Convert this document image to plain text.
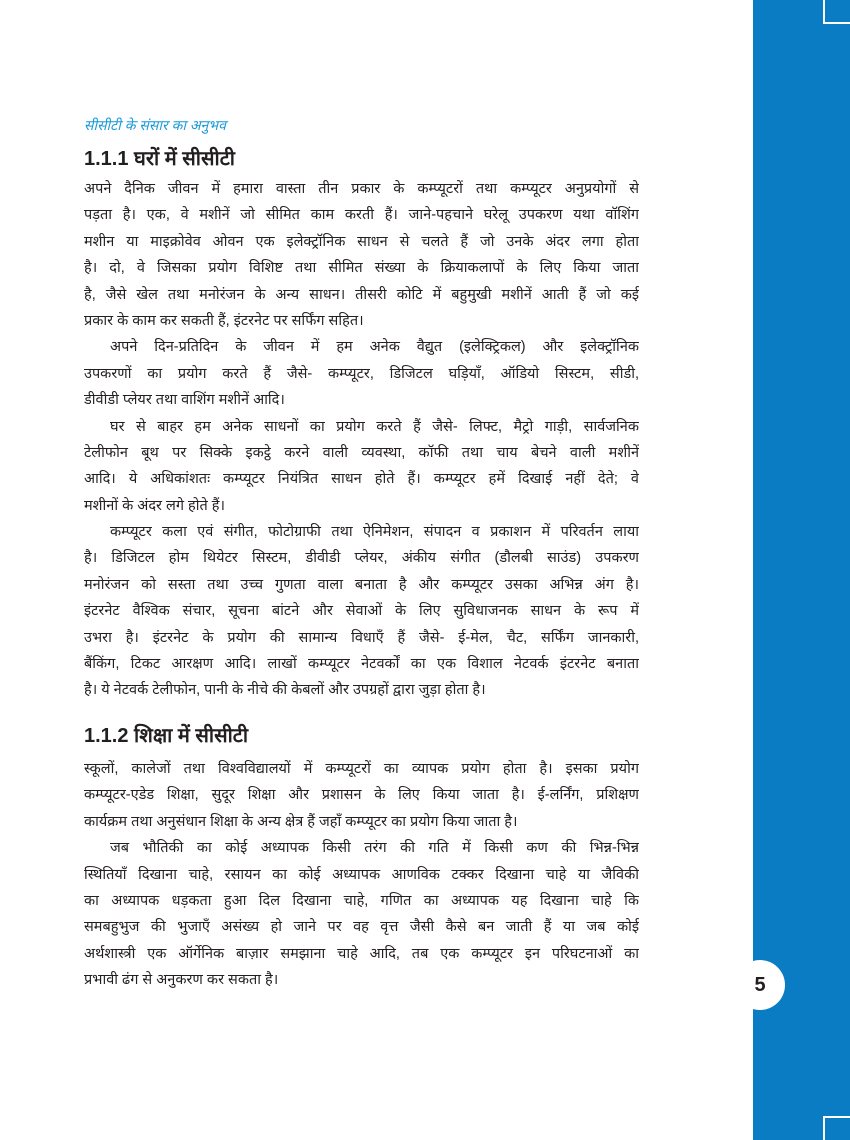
5
सीसीटी के संसार का अनुभव
1.1.1 घरों में सीसीटी
अपने दैनिक जीवन में हमारा वास्ता तीन प्रकार के कम्प्यूटरों तथा कम्प्यूटर अनुप्रयोगों से
पड़ता है। एक, वे मशीनें जो सीमित काम करती हैं। जाने-पहचाने घरेलू उपकरण यथा वॉशिंग
मशीन या माइक्रोवेव ओवन एक इलेक्ट्रॉनिक साधन से चलते हैं जो उनके अंदर लगा होता
है। दो, वे जिसका प्रयोग विशिष्ट तथा सीमित संख्या के क्रियाकलापों के लिए किया जाता
है, जैसे खेल तथा मनोरंजन के अन्य साधन। तीसरी कोटि में बहुमुखी मशीनें आती हैं जो कई
प्रकार के काम कर सकती हैं, इंटरनेट पर सर्फिंग सहित।
अपने दिन-प्रतिदिन के जीवन में हम अनेक वैद्युत (इलेक्ट्रिकल) और इलेक्ट्रॉनिक
उपकरणों का प्रयोग करते हैं जैसे- कम्प्यूटर, डिजिटल घड़ियाँ, ऑडियो सिस्टम, सीडी,
डीवीडी प्लेयर तथा वाशिंग मशीनें आदि।
घर से बाहर हम अनेक साधनों का प्रयोग करते हैं जैसे- लिफ्ट, मैट्रो गाड़ी, सार्वजनिक
टेलीफोन बूथ पर सिक्के इकट्ठे करने वाली व्यवस्था, कॉफी तथा चाय बेचने वाली मशीनें
आदि। ये अधिकांशतः कम्प्यूटर नियंत्रित साधन होते हैं। कम्प्यूटर हमें दिखाई नहीं देते; वे
मशीनों के अंदर लगे होते हैं।
कम्प्यूटर कला एवं संगीत, फोटोग्राफी तथा ऐनिमेशन, संपादन व प्रकाशन में परिवर्तन लाया
है। डिजिटल होम थियेटर सिस्टम, डीवीडी प्लेयर, अंकीय संगीत (डौलबी साउंड) उपकरण
मनोरंजन को सस्ता तथा उच्च गुणता वाला बनाता है और कम्प्यूटर उसका अभिन्न अंग है।
इंटरनेट वैश्विक संचार, सूचना बांटने और सेवाओं के लिए सुविधाजनक साधन के रूप में
उभरा है। इंटरनेट के प्रयोग की सामान्य विधाएँ हैं जैसे- ई-मेल, चैट, सर्फिंग जानकारी,
बैंकिंग, टिकट आरक्षण आदि। लाखों कम्प्यूटर नेटवर्कों का एक विशाल नेटवर्क इंटरनेट बनाता
है। ये नेटवर्क टेलीफोन, पानी के नीचे की केबलों और उपग्रहों द्वारा जुड़ा होता है।
1.1.2 शिक्षा में सीसीटी
स्कूलों, कालेजों तथा विश्वविद्यालयों में कम्प्यूटरों का व्यापक प्रयोग होता है। इसका प्रयोग
कम्प्यूटर-एडेड शिक्षा, सुदूर शिक्षा और प्रशासन के लिए किया जाता है। ई-लर्निंग, प्रशिक्षण
कार्यक्रम तथा अनुसंधान शिक्षा के अन्य क्षेत्र हैं जहाँ कम्प्यूटर का प्रयोग किया जाता है।
जब भौतिकी का कोई अध्यापक किसी तरंग की गति में किसी कण की भिन्न-भिन्न
स्थितियाँ दिखाना चाहे, रसायन का कोई अध्यापक आणविक टक्कर दिखाना चाहे या जैविकी
का अध्यापक धड़कता हुआ दिल दिखाना चाहे, गणित का अध्यापक यह दिखाना चाहे कि
समबहुभुज की भुजाएँ असंख्य हो जाने पर वह वृत्त जैसी कैसे बन जाती हैं या जब कोई
अर्थशास्त्री एक ऑर्गेनिक बाज़ार समझाना चाहे आदि, तब एक कम्प्यूटर इन परिघटनाओं का
प्रभावी ढंग से अनुकरण कर सकता है।
